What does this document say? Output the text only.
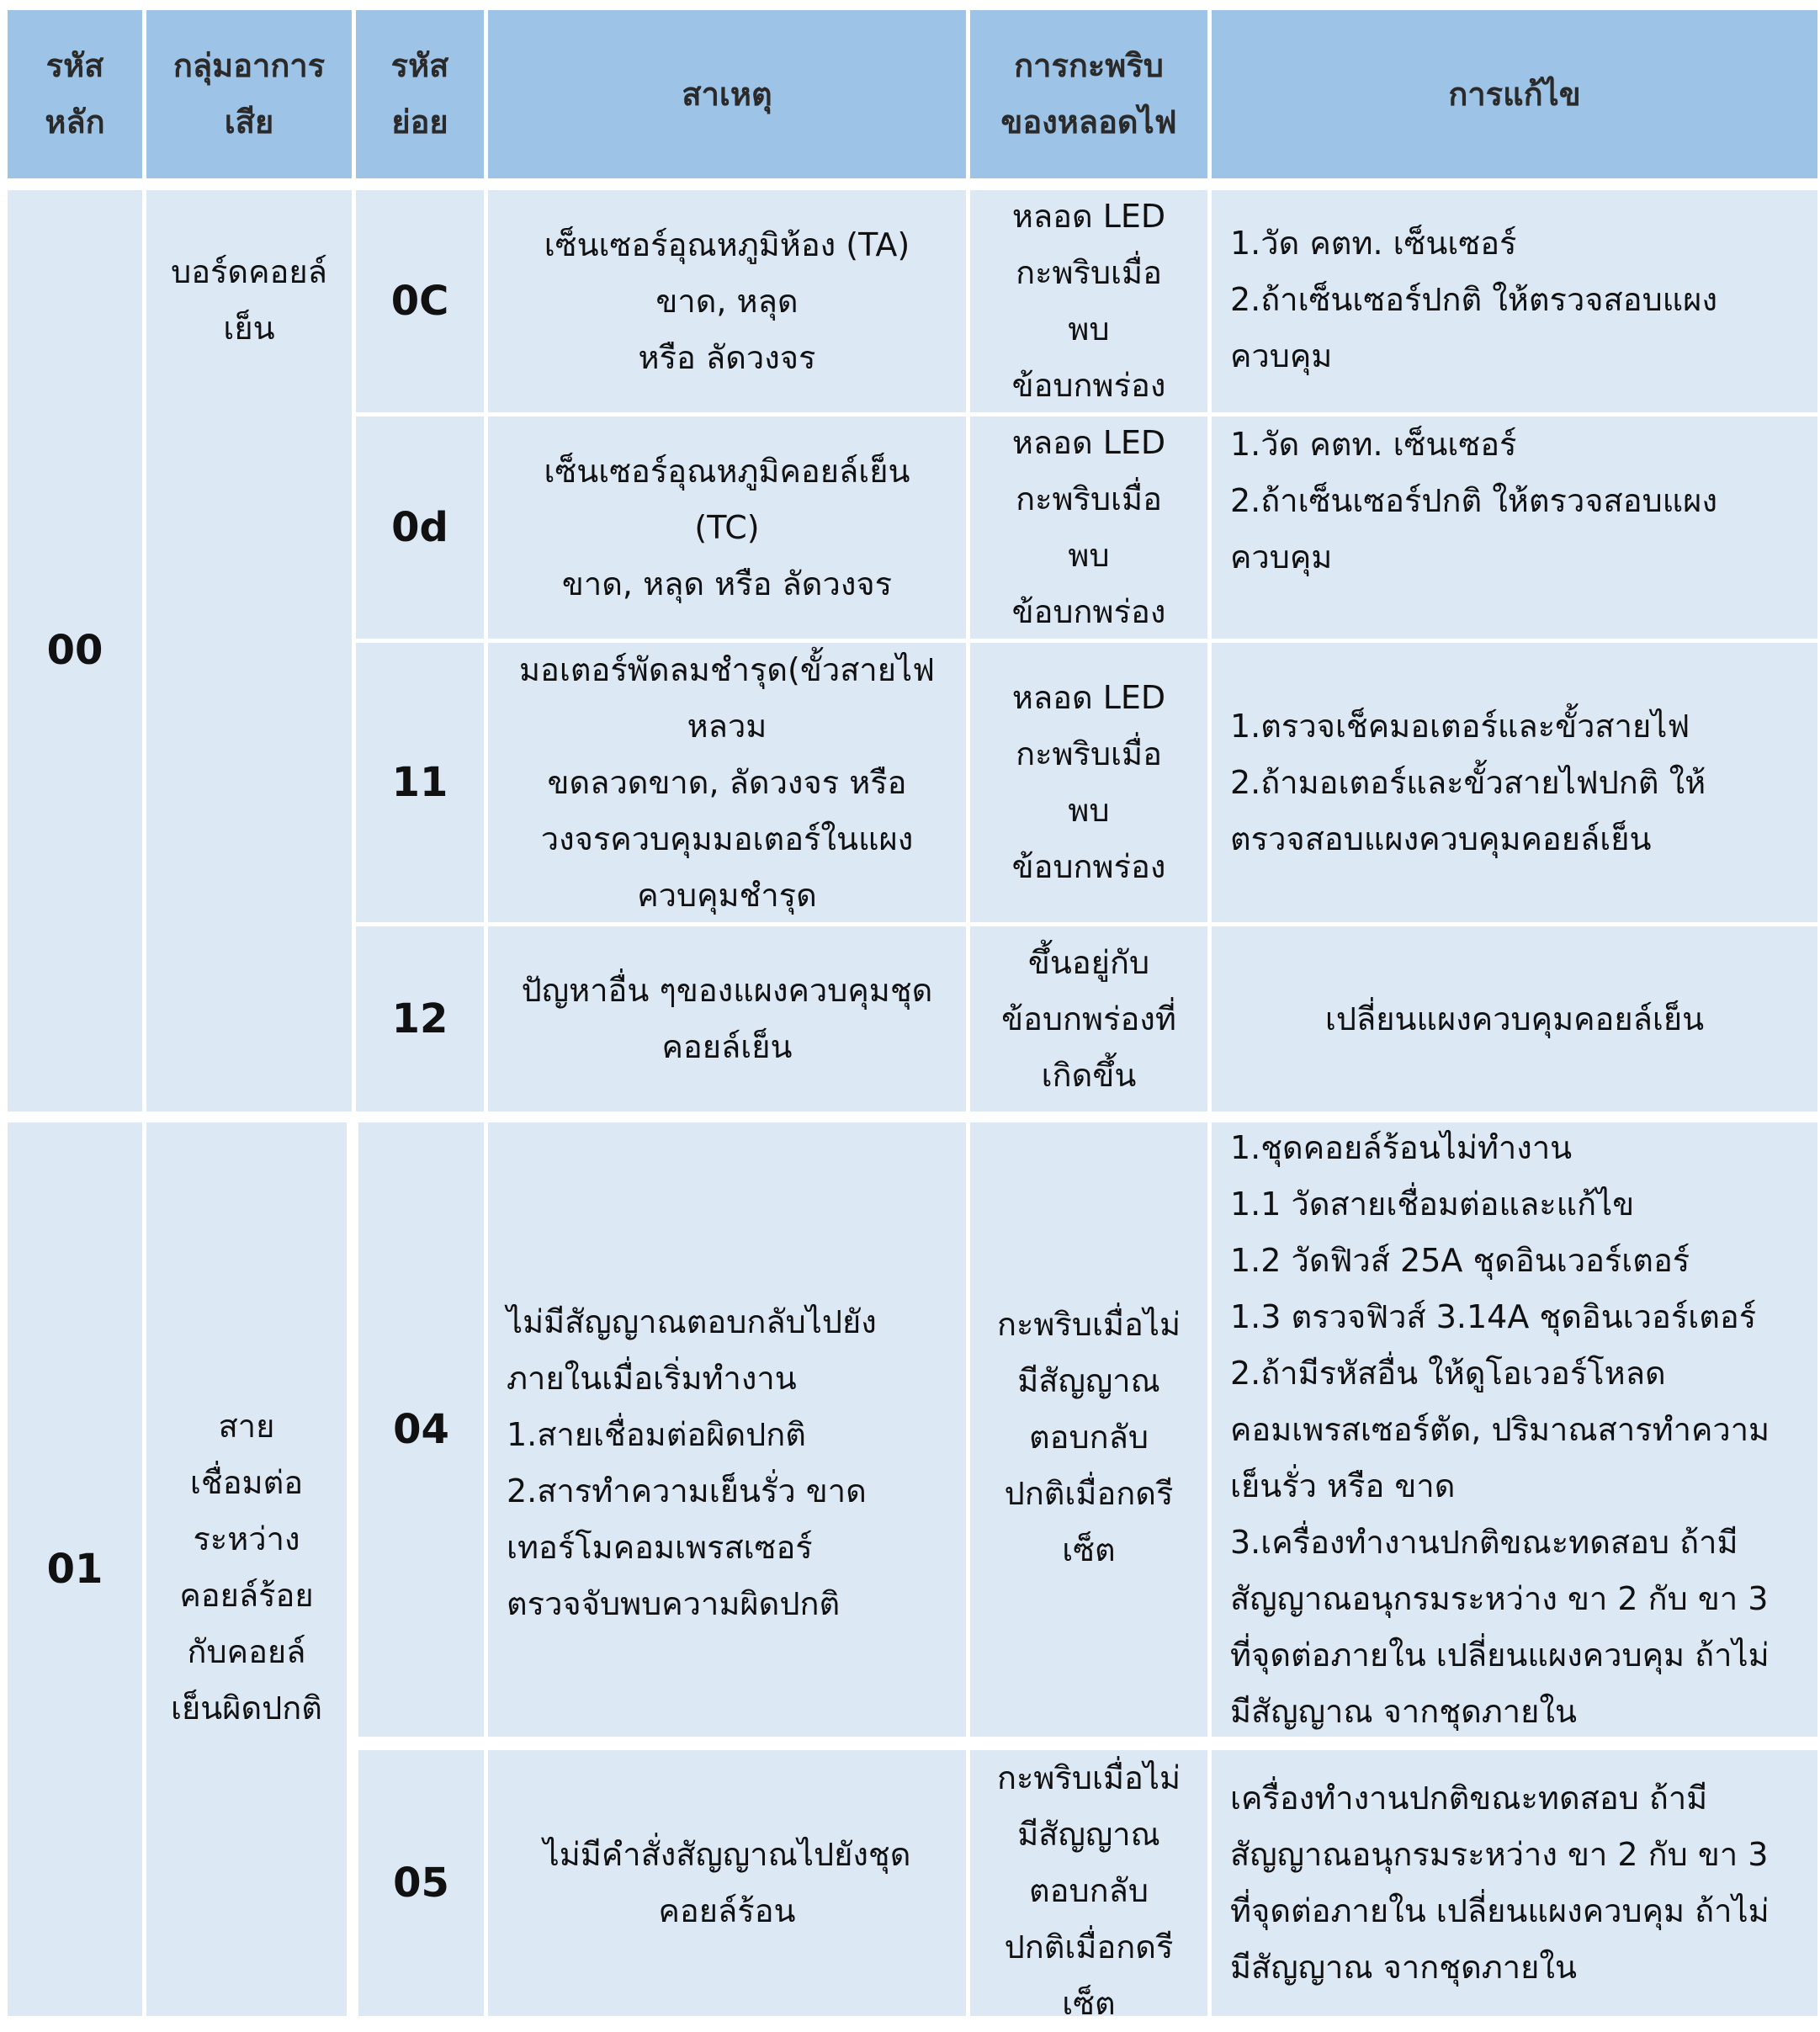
รหัส
หลัก
กลุ่มอาการ
เสีย
รหัส
ย่อย
สาเหตุ
การกะพริบ
ของหลอดไฟ
การแก้ไข
00
บอร์ดคอยล์
เย็น
0C
เซ็นเซอร์อุณหภูมิห้อง (TA)
ขาด, หลุด
หรือ ลัดวงจร
หลอด LED
กะพริบเมื่อ
พบ
ข้อบกพร่อง
1.วัด คตท. เซ็นเซอร์
2.ถ้าเซ็นเซอร์ปกติ ให้ตรวจสอบแผง
ควบคุม
0d
เซ็นเซอร์อุณหภูมิคอยล์เย็น
(TC)
ขาด, หลุด หรือ ลัดวงจร
หลอด LED
กะพริบเมื่อ
พบ
ข้อบกพร่อง
1.วัด คตท. เซ็นเซอร์
2.ถ้าเซ็นเซอร์ปกติ ให้ตรวจสอบแผง
ควบคุม
11
มอเตอร์พัดลมชำรุด(ขั้วสายไฟ
หลวม
ขดลวดขาด, ลัดวงจร หรือ
วงจรควบคุมมอเตอร์ในแผง
ควบคุมชำรุด
หลอด LED
กะพริบเมื่อ
พบ
ข้อบกพร่อง
1.ตรวจเช็คมอเตอร์และขั้วสายไฟ
2.ถ้ามอเตอร์และขั้วสายไฟปกติ ให้
ตรวจสอบแผงควบคุมคอยล์เย็น
12
ปัญหาอื่น ๆของแผงควบคุมชุด
คอยล์เย็น
ขึ้นอยู่กับ
ข้อบกพร่องที่
เกิดขึ้น
เปลี่ยนแผงควบคุมคอยล์เย็น
01
สาย
เชื่อมต่อ
ระหว่าง
คอยล์ร้อย
กับคอยล์
เย็นผิดปกติ
04
ไม่มีสัญญาณตอบกลับไปยัง
ภายในเมื่อเริ่มทำงาน
1.สายเชื่อมต่อผิดปกติ
2.สารทำความเย็นรั่ว ขาด
เทอร์โมคอมเพรสเซอร์
ตรวจจับพบความผิดปกติ
กะพริบเมื่อไม่
มีสัญญาณ
ตอบกลับ
ปกติเมื่อกดรี
เซ็ต
1.ชุดคอยล์ร้อนไม่ทำงาน
1.1 วัดสายเชื่อมต่อและแก้ไข
1.2 วัดฟิวส์ 25A ชุดอินเวอร์เตอร์
1.3 ตรวจฟิวส์ 3.14A ชุดอินเวอร์เตอร์
2.ถ้ามีรหัสอื่น ให้ดูโอเวอร์โหลด
คอมเพรสเซอร์ตัด, ปริมาณสารทำความ
เย็นรั่ว หรือ ขาด
3.เครื่องทำงานปกติขณะทดสอบ ถ้ามี
สัญญาณอนุกรมระหว่าง ขา 2 กับ ขา 3
ที่จุดต่อภายใน เปลี่ยนแผงควบคุม ถ้าไม่
มีสัญญาณ จากชุดภายใน
05
ไม่มีคำสั่งสัญญาณไปยังชุด
คอยล์ร้อน
กะพริบเมื่อไม่
มีสัญญาณ
ตอบกลับ
ปกติเมื่อกดรี
เซ็ต
เครื่องทำงานปกติขณะทดสอบ ถ้ามี
สัญญาณอนุกรมระหว่าง ขา 2 กับ ขา 3
ที่จุดต่อภายใน เปลี่ยนแผงควบคุม ถ้าไม่
มีสัญญาณ จากชุดภายใน
